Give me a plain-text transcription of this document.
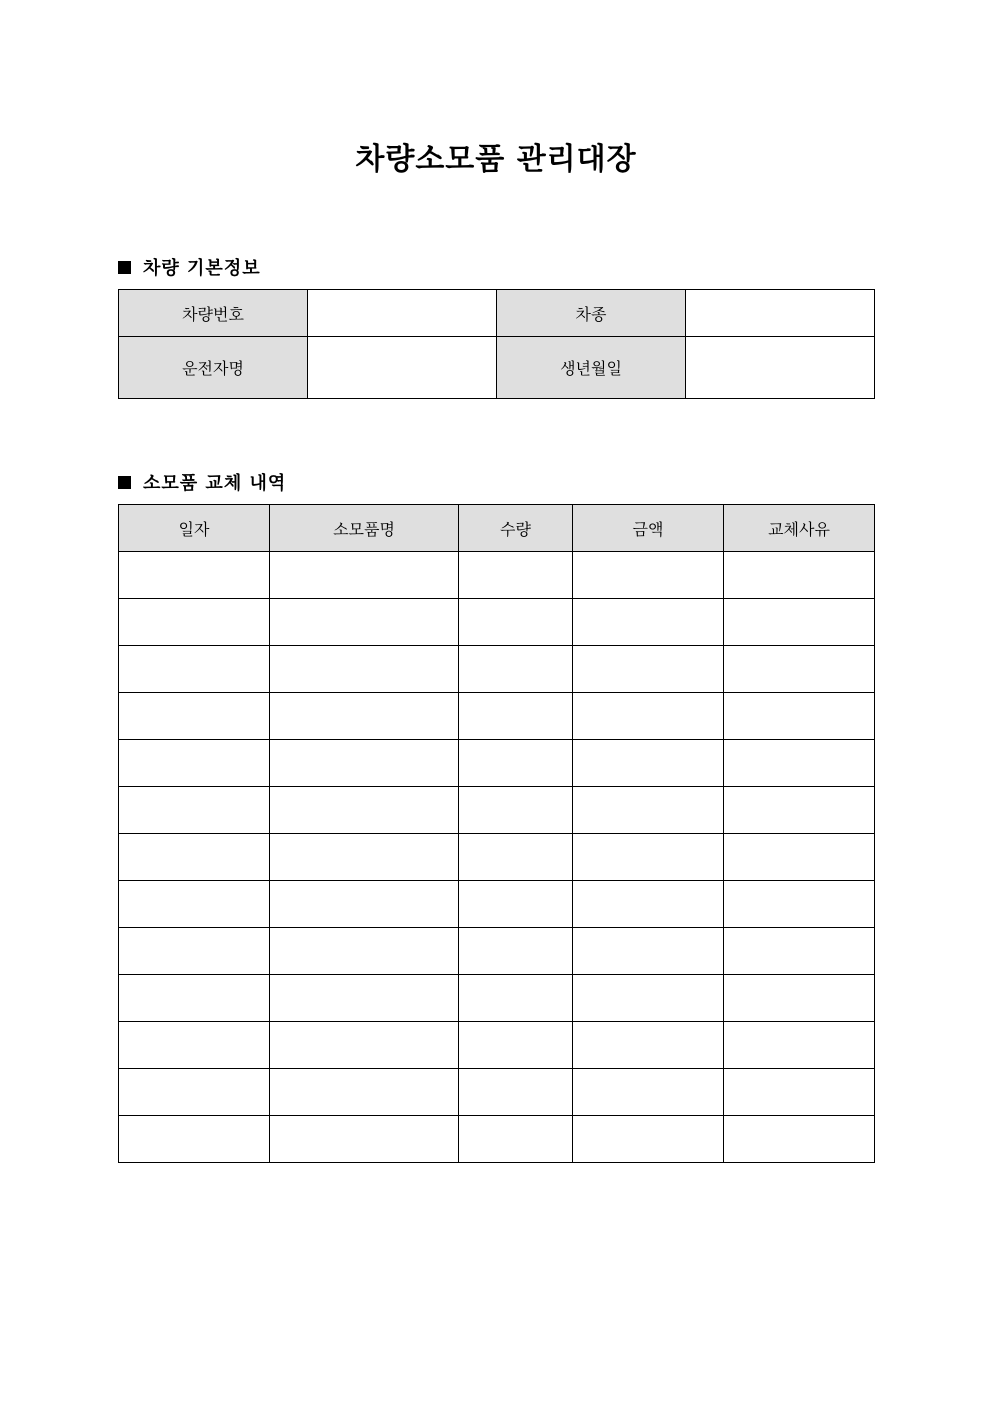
차량소모품 관리대장
차량 기본정보
차량번호		차종	
운전자명		생년월일	
소모품 교체 내역
일자	소모품명	수량	금액	교체사유
